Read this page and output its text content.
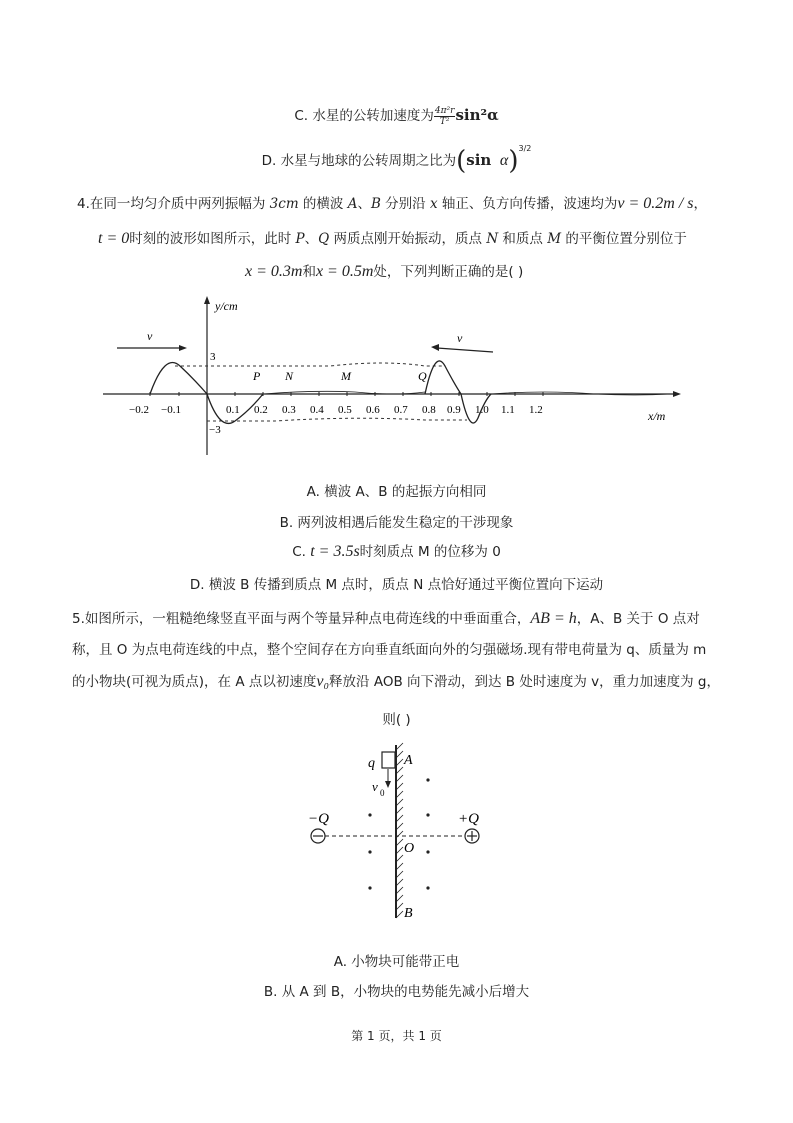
C. 水星的公转加速度为 $\frac{\text{4π²r}}{\text{T²}} \sin^2\alpha$
D. 水星与地球的公转周期之比为(sin α)$^{3/2}$
4.在同一均匀介质中两列振幅为 3cm 的横波 A、B 分别沿 x 轴正、负方向传播，波速均为v = 0.2m / s，
t = 0时刻的波形如图所示，此时 P、Q 两质点刚开始振动，质点 N 和质点 M 的平衡位置分别位于
x = 0.3m和x = 0.5m处，下列判断正确的是( )
y/cm
x/m
−0.2 −0.1	0.1 0.2 0.3 0.4 0.5 0.6 0.7 0.8 0.9 1.0 1.1 1.2
3
−3
P N	M	Q
v	v
A. 横波 A、B 的起振方向相同
B. 两列波相遇后能发生稳定的干涉现象
C. t = 3.5s时刻质点 M 的位移为 0
D. 横波 B 传播到质点 M 点时，质点 N 点恰好通过平衡位置向下运动
5.如图所示，一粗糙绝缘竖直平面与两个等量异种点电荷连线的中垂面重合，AB = h，A、B 关于 O 点对
称，且 O 为点电荷连线的中点，整个空间存在方向垂直纸面向外的匀强磁场.现有带电荷量为 q、质量为 m
的小物块(可视为质点)，在 A 点以初速度v₀释放沿 AOB 向下滑动，到达 B 处时速度为 v，重力加速度为 g，
则( )
q
v 0
A
B
O
−Q	+Q
A. 小物块可能带正电
B. 从 A 到 B，小物块的电势能先减小后增大
第 1 页，共 1 页
